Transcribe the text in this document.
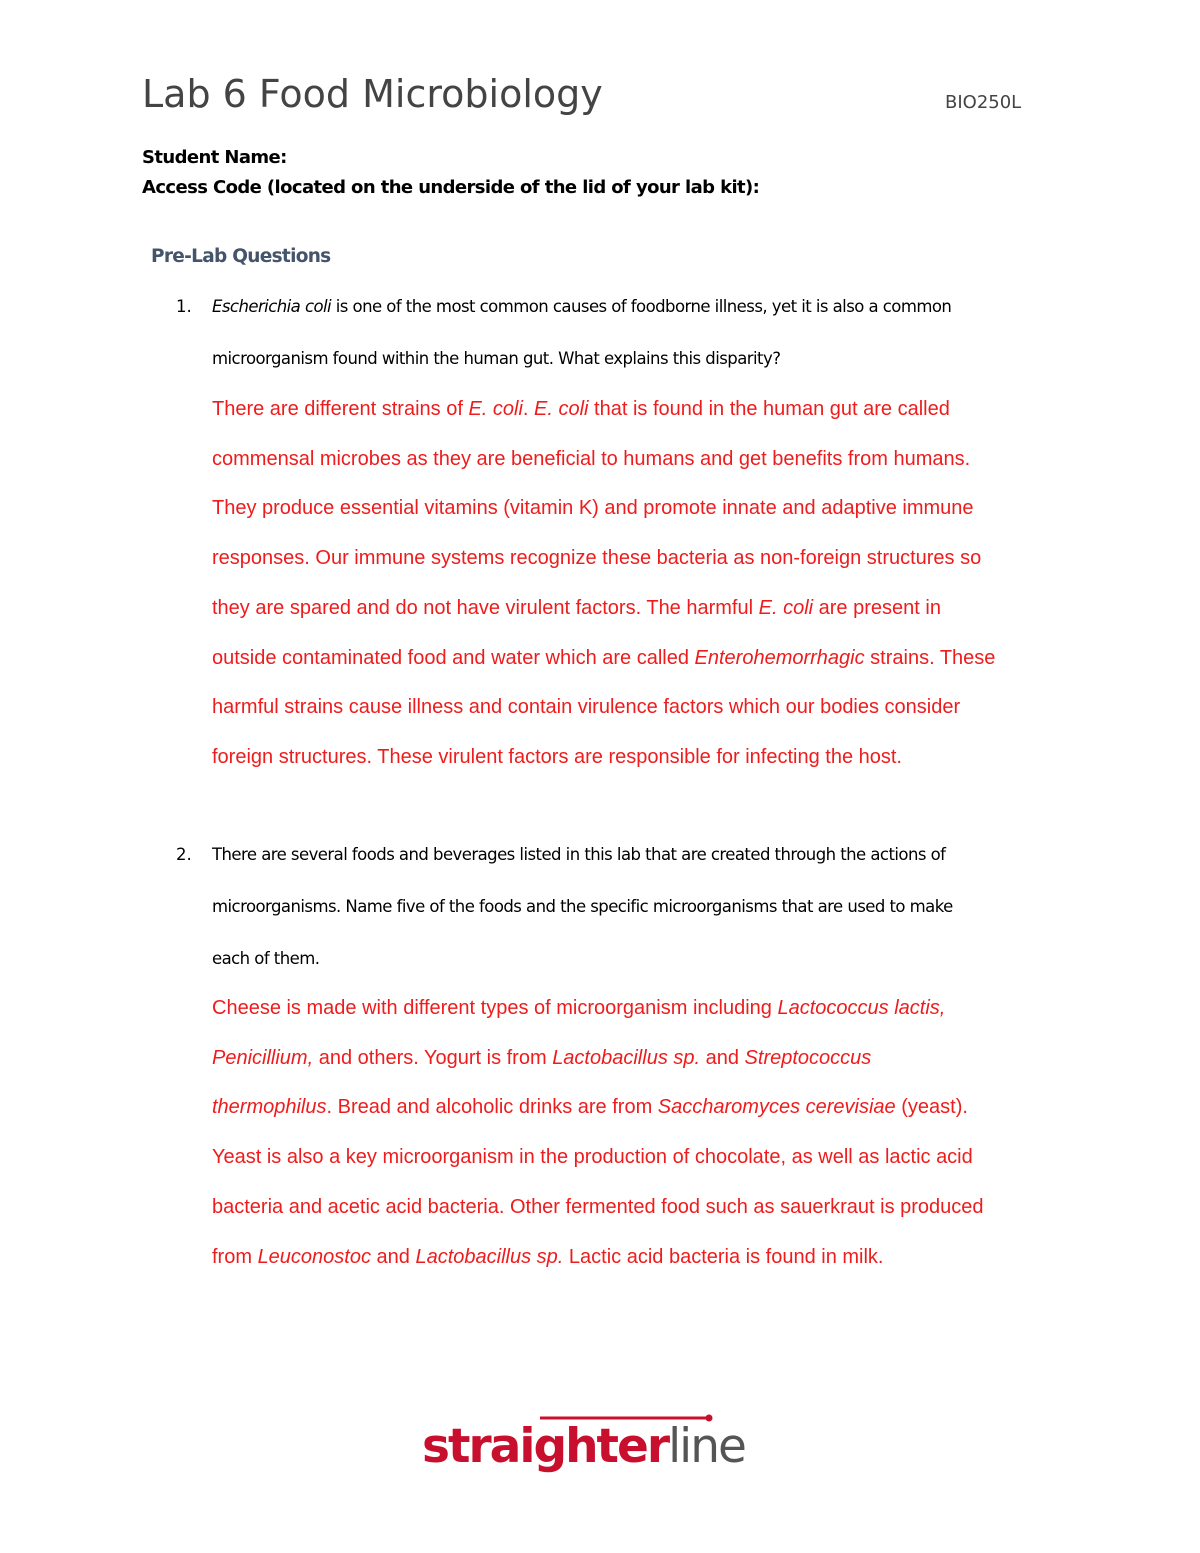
Lab 6 Food Microbiology	BIO250L
Student Name:
Access Code (located on the underside of the lid of your lab kit):
Pre-Lab Questions
1. Escherichia coli is one of the most common causes of foodborne illness, yet it is also a common
microorganism found within the human gut. What explains this disparity?
There are different strains of E. coli. E. coli that is found in the human gut are called
commensal microbes as they are beneficial to humans and get benefits from humans.
They produce essential vitamins (vitamin K) and promote innate and adaptive immune
responses. Our immune systems recognize these bacteria as non-foreign structures so
they are spared and do not have virulent factors. The harmful E. coli are present in
outside contaminated food and water which are called Enterohemorrhagic strains. These
harmful strains cause illness and contain virulence factors which our bodies consider
foreign structures. These virulent factors are responsible for infecting the host.
2. There are several foods and beverages listed in this lab that are created through the actions of
microorganisms. Name five of the foods and the specific microorganisms that are used to make
each of them.
Cheese is made with different types of microorganism including Lactococcus lactis,
Penicillium, and others. Yogurt is from Lactobacillus sp. and Streptococcus
thermophilus. Bread and alcoholic drinks are from Saccharomyces cerevisiae (yeast).
Yeast is also a key microorganism in the production of chocolate, as well as lactic acid
bacteria and acetic acid bacteria. Other fermented food such as sauerkraut is produced
from Leuconostoc and Lactobacillus sp. Lactic acid bacteria is found in milk.
straighterline
